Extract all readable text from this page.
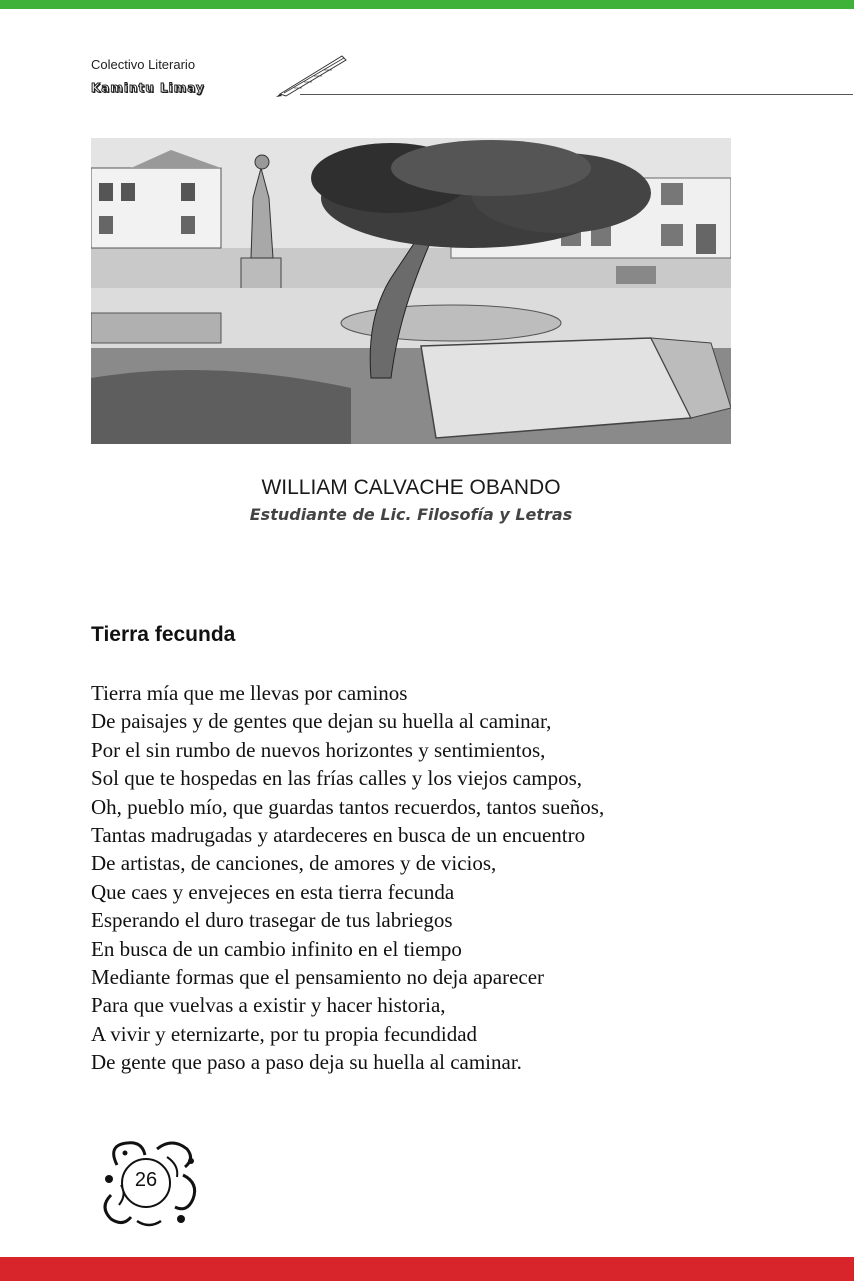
Colectivo Literario
Kamintu Limay
WILLIAM CALVACHE OBANDO
Estudiante de Lic. Filosofía y Letras
Tierra fecunda
Tierra mía que me llevas por caminos
De paisajes y de gentes que dejan su huella al caminar,
Por el sin rumbo de nuevos horizontes y sentimientos,
Sol que te hospedas en las frías calles y los viejos campos,
Oh, pueblo mío, que guardas tantos recuerdos, tantos sueños,
Tantas madrugadas y atardeceres en busca de un encuentro
De artistas, de canciones, de amores y de vicios,
Que caes y envejeces en esta tierra fecunda
Esperando el duro trasegar de tus labriegos
En busca de un cambio infinito en el tiempo
Mediante formas que el pensamiento no deja aparecer
Para que vuelvas a existir y hacer historia,
A vivir y eternizarte, por tu propia fecundidad
De gente que paso a paso deja su huella al caminar.
26
